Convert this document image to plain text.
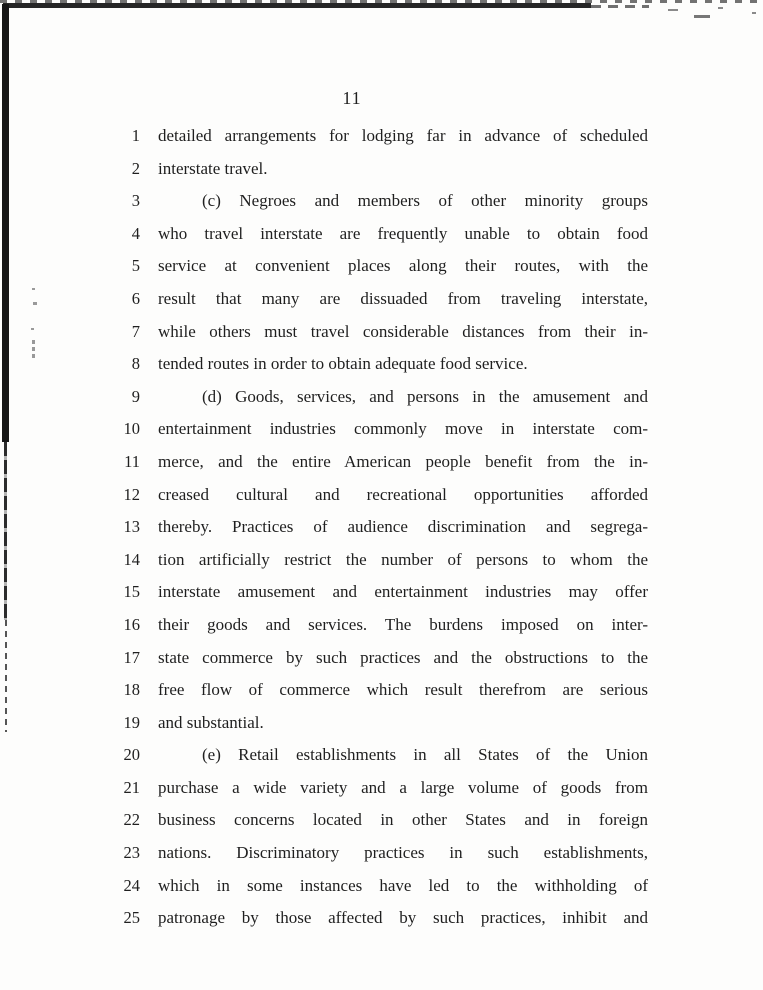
11
1 detailed arrangements for lodging far in advance of scheduled
2 interstate travel.
3	(c) Negroes and members of other minority groups
4 who travel interstate are frequently unable to obtain food
5 service at convenient places along their routes, with the
6 result that many are dissuaded from traveling interstate,
7 while others must travel considerable distances from their in-
8 tended routes in order to obtain adequate food service.
9	(d) Goods, services, and persons in the amusement and
10 entertainment industries commonly move in interstate com-
11 merce, and the entire American people benefit from the in-
12 creased cultural and recreational opportunities afforded
13 thereby. Practices of audience discrimination and segrega-
14 tion artificially restrict the number of persons to whom the
15 interstate amusement and entertainment industries may offer
16 their goods and services. The burdens imposed on inter-
17 state commerce by such practices and the obstructions to the
18 free flow of commerce which result therefrom are serious
19 and substantial.
20	(e) Retail establishments in all States of the Union
21 purchase a wide variety and a large volume of goods from
22 business concerns located in other States and in foreign
23 nations. Discriminatory practices in such establishments,
24 which in some instances have led to the withholding of
25 patronage by those affected by such practices, inhibit and
